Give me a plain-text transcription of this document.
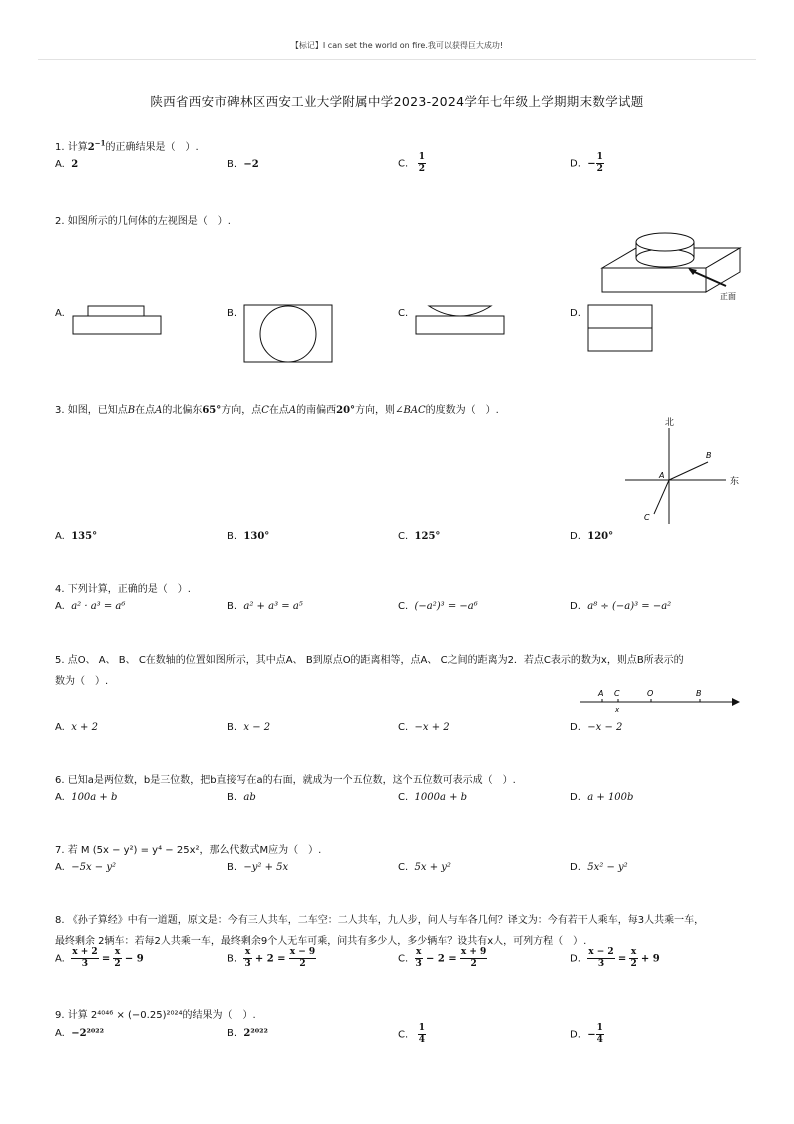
【标记】I can set the world on fire.我可以获得巨大成功!
陕西省西安市碑林区西安工业大学附属中学2023-2024学年七年级上学期期末数学试题
1. 计算$2^{-1}$的正确结果是（　）.
A. 2	B. −2	C. $\frac{1}{2}$	D. − $\frac{1}{2}$
2. 如图所示的几何体的左视图是（　）.
正面
A.	B.	C.	D.
3. 如图，已知点B在点A的北偏东65°方向，点C在点A的南偏西20°方向，则∠BAC的度数为（　）.
北
东
A
B
C
A. 135°	B. 130°	C. 125°	D. 120°
4. 下列计算，正确的是（　）.
A. a² · a³ = a⁶	B. a² + a³ = a⁵	C. (−a²)³ = −a⁶	D. a⁸ ÷ (−a)³ = −a²
5. 点O、 A、 B、 C在数轴的位置如图所示，其中点A、 B到原点O的距离相等，点A、 C之间的距离为2．若点C表示的数为x，则点B所表示的
数为（　）.
A C	O	B
x
A. x + 2	B. x − 2	C. −x + 2	D. −x − 2
6. 已知a是两位数，b是三位数，把b直接写在a的右面，就成为一个五位数，这个五位数可表示成（　）.
A. 100a + b	B. ab	C. 1000a + b	D. a + 100b
7. 若 M (5x − y²) = y⁴ − 25x²，那么代数式M应为（　）.
A. −5x − y²	B. −y² + 5x	C. 5x + y²	D. 5x² − y²
8. 《孙子算经》中有一道题，原文是：今有三人共车，二车空：二人共车，九人步，问人与车各几何？译文为：今有若干人乘车，每3人共乘一车，
最终剩余 2辆车：若每2人共乘一车，最终剩余9个人无车可乘，问共有多少人，多少辆车？设共有x人，可列方程（　）.
A. $\frac{x + 2}{3} = \frac{x}{2} - 9$	B. $\frac{x}{3} + 2 = \frac{x - 9}{2}$	C. $\frac{x}{3} - 2 = \frac{x + 9}{2}$	D. $\frac{x - 2}{3} = \frac{x}{2} + 9$
9. 计算 2⁴⁰⁴⁶ × (−0.25)²⁰²⁴的结果为（　）.
A. −2²⁰²²	B. 2²⁰²²	C. $\frac{1}{4}$	D. − $\frac{1}{4}$
